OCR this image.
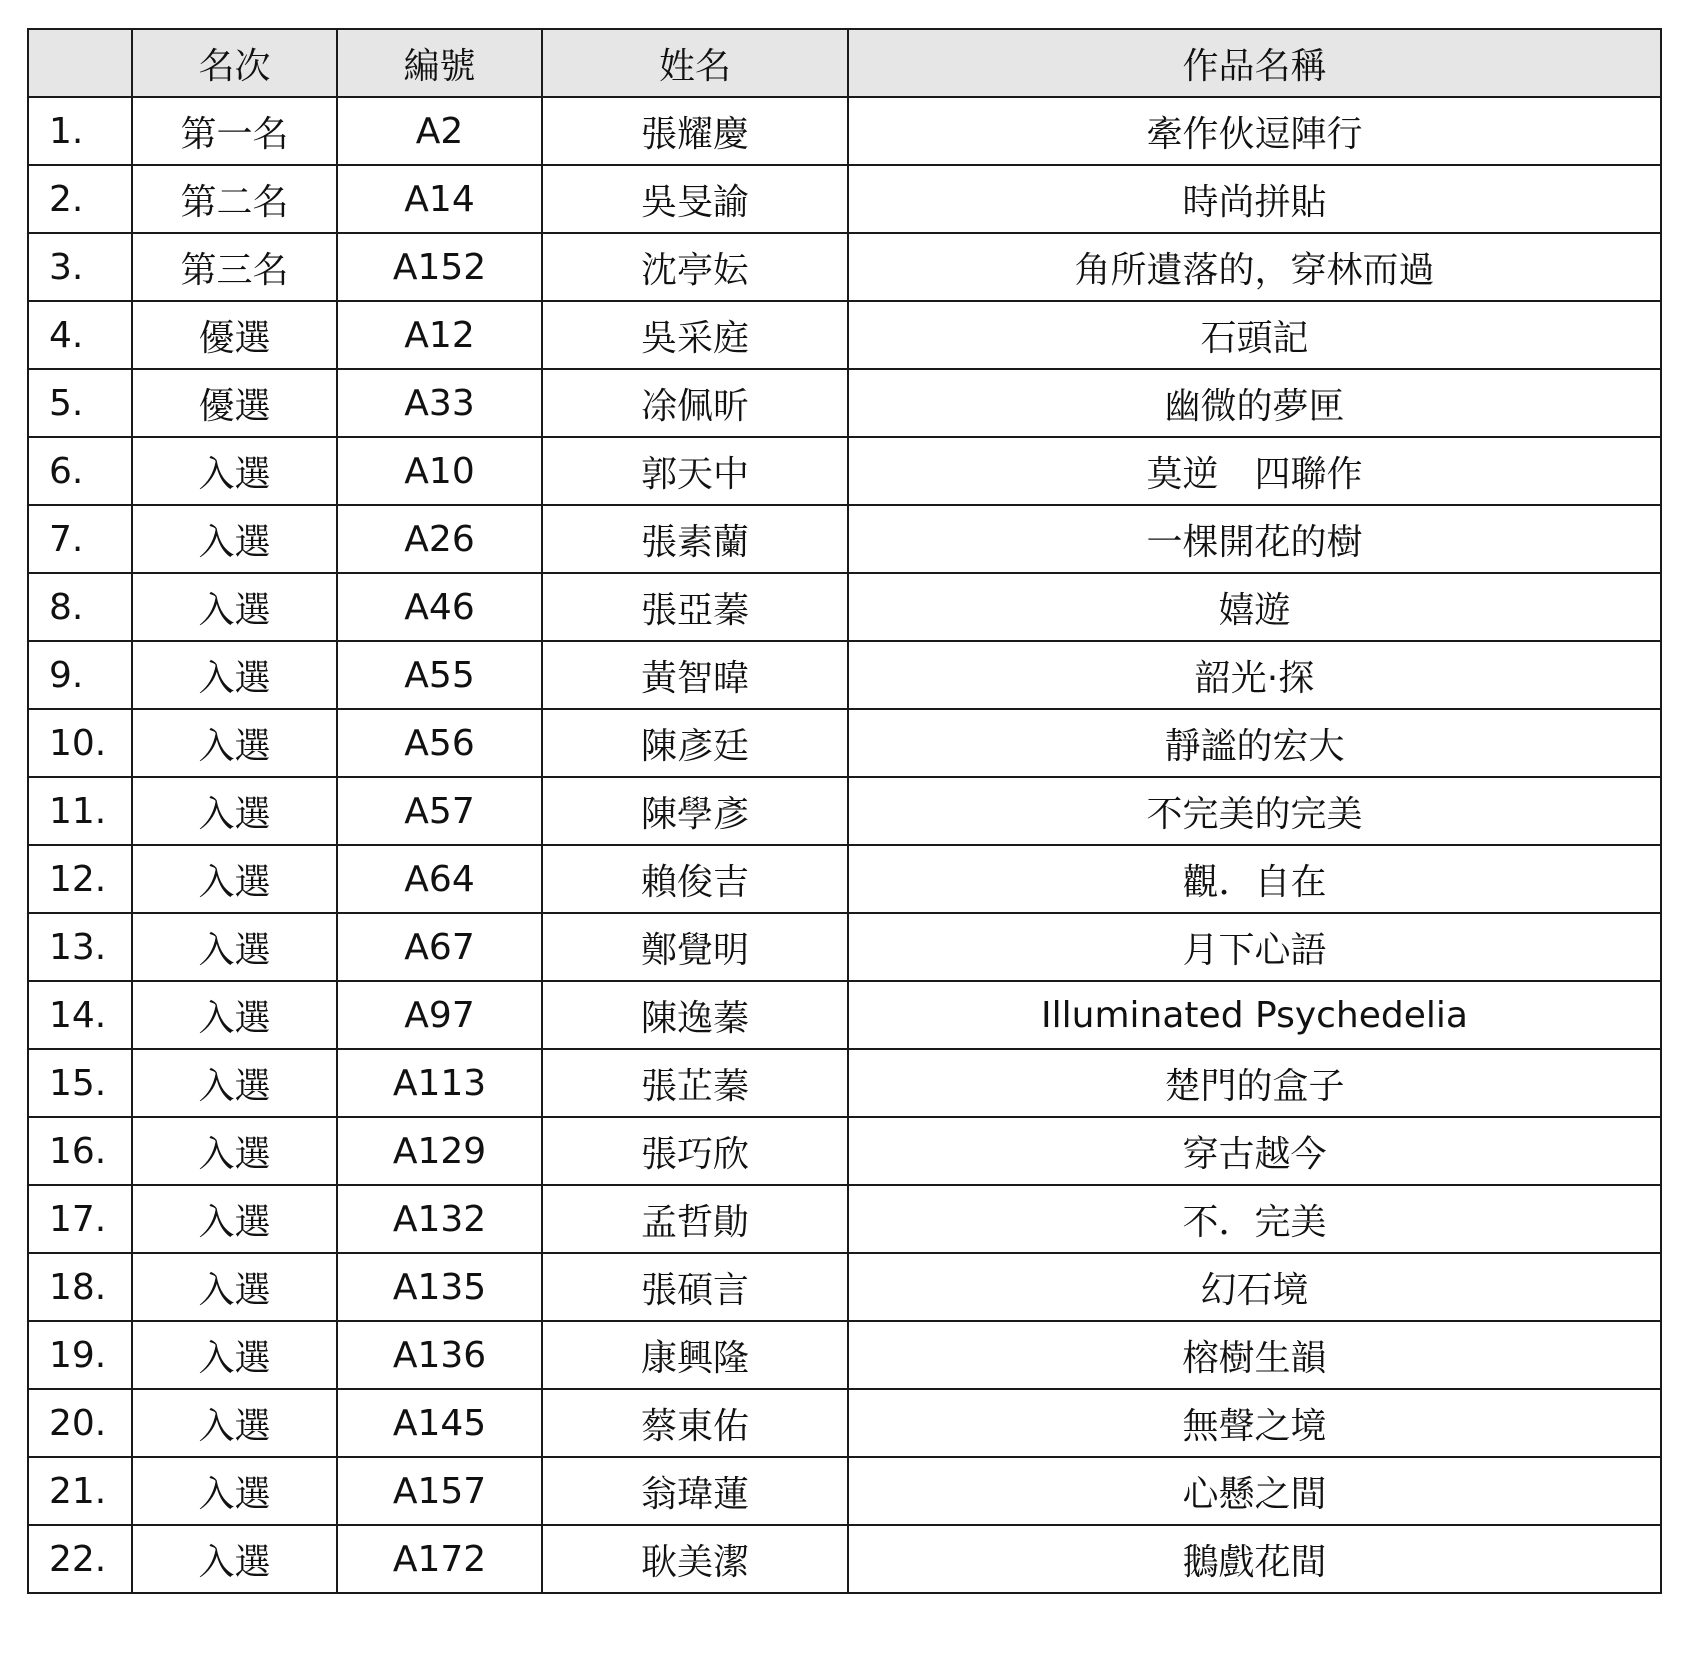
	名次	編號	姓名	作品名稱
1.	第一名	A2	張耀慶	牽作伙逗陣行
2.	第二名	A14	吳旻諭	時尚拼貼
3.	第三名	A152	沈亭妘	角所遺落的，穿林而過
4.	優選	A12	吳采庭	石頭記
5.	優選	A33	凃佩昕	幽微的夢匣
6.	入選	A10	郭天中	莫逆　四聯作
7.	入選	A26	張素蘭	一棵開花的樹
8.	入選	A46	張亞蓁	嬉遊
9.	入選	A55	黃智暐	韶光·探
10.	入選	A56	陳彥廷	靜謐的宏大
11.	入選	A57	陳學彥	不完美的完美
12.	入選	A64	賴俊吉	觀．自在
13.	入選	A67	鄭覺明	月下心語
14.	入選	A97	陳逸蓁	Illuminated Psychedelia
15.	入選	A113	張芷蓁	楚門的盒子
16.	入選	A129	張巧欣	穿古越今
17.	入選	A132	孟哲勛	不．完美
18.	入選	A135	張碩言	幻石境
19.	入選	A136	康興隆	榕樹生韻
20.	入選	A145	蔡東佑	無聲之境
21.	入選	A157	翁瑋蓮	心懸之間
22.	入選	A172	耿美潔	鵝戲花間
